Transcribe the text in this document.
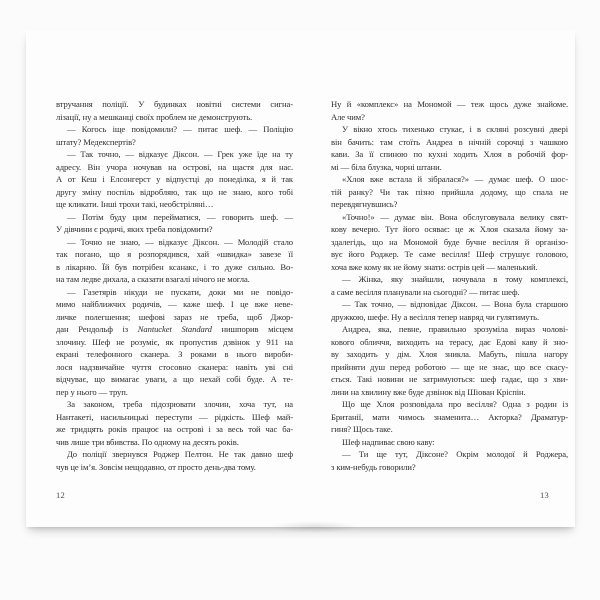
втручання поліції. У будинках новітні системи сигна-
лізації, ну а мешканці своїх проблем не демонструють.
— Когось іще повідомили? — питає шеф. — Поліцію
штату? Медекспертів?
— Так точно, — відказує Діксон. — Грек уже їде на ту
адресу. Він учора ночував на острові, на щастя для нас.
А от Кеш і Елсонгерст у відпустці до понеділка, я й так
другу зміну поспіль відробляю, так що не знаю, кого тобі
ще кликати. Інші трохи такі, необстріляні…
— Потім буду цим перейматися, — говорить шеф. —
У дівчини є родичі, яких треба повідомити?
— Точно не знаю, — відказує Діксон. — Молодій стало
так погано, що я розпорядився, хай «швидка» завезе її
в лікарню. Їй був потрібен ксанакс, і то дуже сильно. Во-
на там ледве дихала, а сказати взагалі нічого не могла.
— Газетярів нікуди не пускати, доки ми не повідо-
мимо найближчих родичів, — каже шеф. І це вже неве-
личке полегшення; шефові зараз не треба, щоб Джор-
дан Рендольф із Nantucket Standard нишпорив місцем
злочину. Шеф не розуміє, як пропустив дзвінок у 911 на
екрані телефонного сканера. З роками в нього вироби-
лося надзвичайне чуття стосовно сканера: навіть уві сні
відчуває, що вимагає уваги, а що нехай собі буде. А те-
пер у нього — труп.
За законом, треба підозрювати злочин, хоча тут, на
Нантакеті, насильницькі переступи — рідкість. Шеф май-
же тридцять років працює на острові і за весь той час ба-
чив лише три вбивства. По одному на десять років.
До поліції звернувся Роджер Пелтон. Не так давно шеф
чув це ім’я. Зовсім нещодавно, от просто день-два тому.
Ну й «комплекс» на Мономой — теж щось дуже знайоме.
Але чим?
У вікно хтось тихенько стукає, і в скляні розсувні двері
він бачить: там стоїть Андреа в нічній сорочці з чашкою
кави. За її спиною по кухні ходить Хлоя в робочій фор-
мі — біла блузка, чорні штани.
«Хлоя вже встала й зібралася?» — думає шеф. О шос-
тій ранку? Чи так пізно прийшла додому, що спала не
перевдягнувшись?
«Точно!» — думає він. Вона обслуговувала велику свят-
кову вечерю. Тут його осяває: це ж Хлоя сказала йому за-
здалегідь, що на Мономой буде бучне весілля й організо-
вує його Роджер. Те саме весілля! Шеф струшує головою,
хоча вже кому як не йому знати: острів цей — маленький.
— Жінка, яку знайшли, ночувала в тому комплексі,
а саме весілля планували на сьогодні? — питає шеф.
— Так точно, — відповідає Діксон. — Вона була старшою
дружкою, шефе. Ну а весілля тепер навряд чи гулятимуть.
Андреа, яка, певне, правильно зрозуміла вираз чолові-
кового обличчя, виходить на терасу, дає Едові каву й зно-
ву заходить у дім. Хлоя зникла. Мабуть, пішла нагору
прийняти душ перед роботою — ще не знає, що все скасу-
ється. Такі новини не затримуються: шеф гадає, що з хви-
лини на хвилину вже буде дзвінок від Шіован Кріспін.
Що ще Хлоя розповідала про весілля? Одна з родин із
Британії, мати чимось знаменита… Акторка? Драматур-
гиня? Щось таке.
Шеф надпиває свою каву:
— Ти ще тут, Діксоне? Окрім молодої й Роджера,
з ким-небудь говорили?
12	13
